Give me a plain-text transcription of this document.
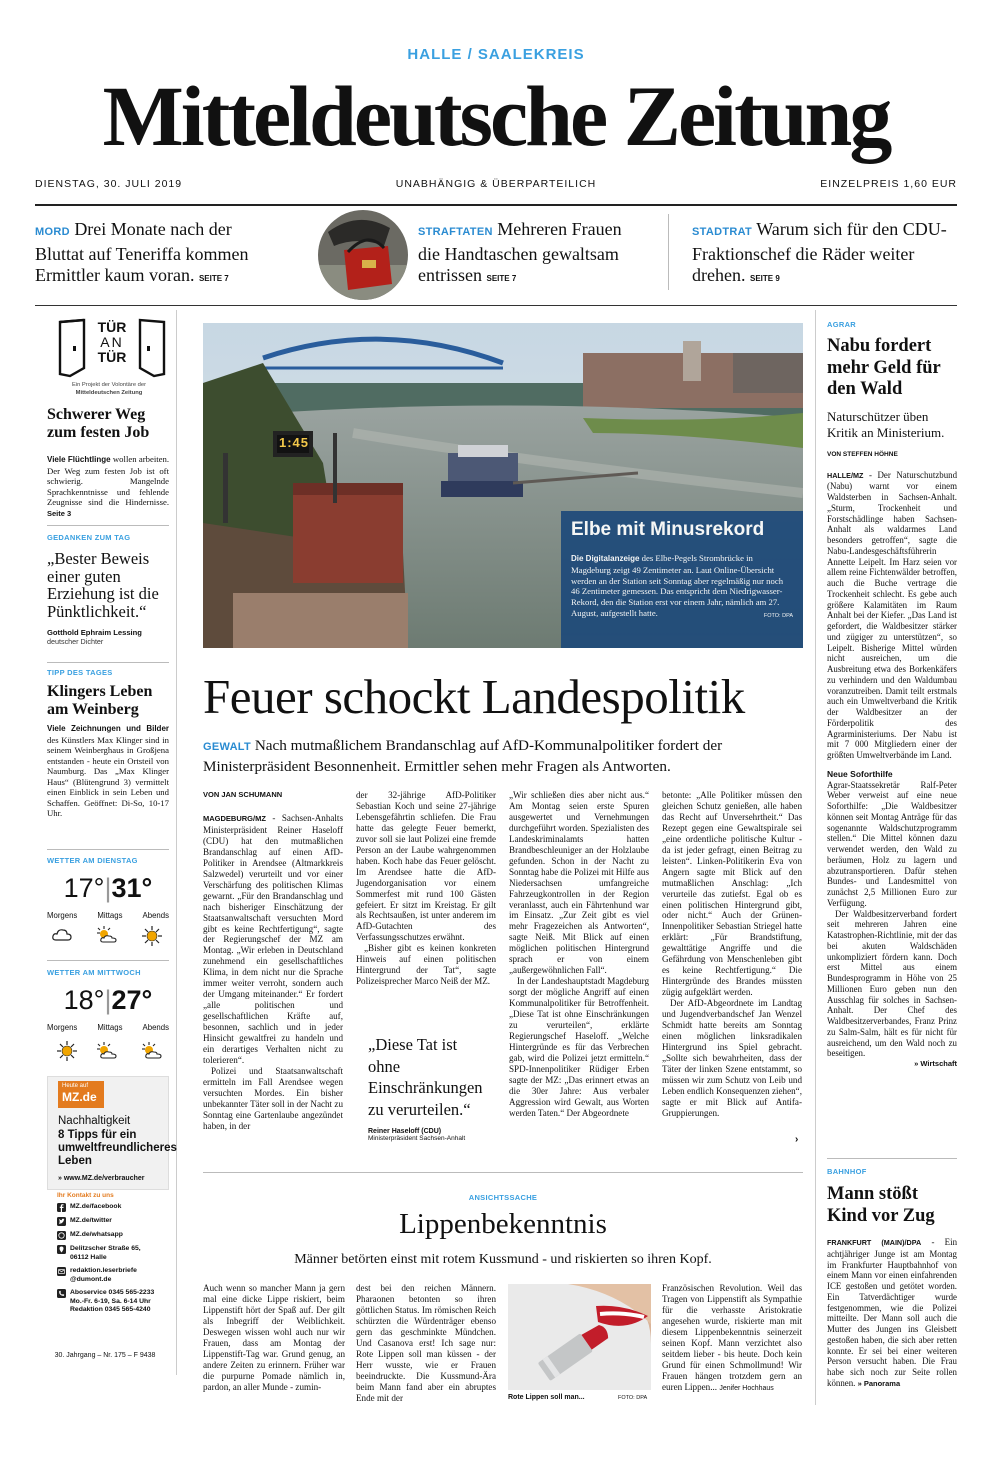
HALLE / SAALEKREIS
Mitteldeutsche Zeitung
DIENSTAG, 30. JULI 2019	UNABHÄNGIG & ÜBERPARTEILICH	EINZELPREIS 1,60 EUR
MORD Drei Monate nach der Bluttat auf Teneriffa kommen Ermittler kaum voran. SEITE 7
STRAFTATEN Mehreren Frauen die Handtaschen gewaltsam entrissen SEITE 7
STADTRAT Warum sich für den CDU-Fraktionschef die Räder weiter drehen. SEITE 9
TÜR
AN
TÜR
Ein Projekt der Volontäre der
Mitteldeutschen Zeitung
Schwerer Weg zum festen Job
Viele Flüchtlinge wollen arbeiten. Der Weg zum festen Job ist oft schwierig. Mangelnde Sprachkenntnisse und fehlende Zeugnisse sind die Hindernisse. Seite 3
GEDANKEN ZUM TAG
„Bester Beweis einer guten Erziehung ist die Pünktlichkeit.“
Gotthold Ephraim Lessing
deutscher Dichter
TIPP DES TAGES
Klingers Leben am Weinberg
Viele Zeichnungen und Bilder des Künstlers Max Klinger sind in seinem Weinberghaus in Großjena entstanden - heute ein Ortsteil von Naumburg. Das „Max Klinger Haus“ (Blütengrund 3) vermittelt einen Einblick in sein Leben und Schaffen. Geöffnet: Di-So, 10-17 Uhr.
WETTER AM DIENSTAG
17°|31°
Morgens	Mittags	Abends
WETTER AM MITTWOCH
18°|27°
Morgens	Mittags	Abends
Heute auf
MZ.de
Nachhaltigkeit
8 Tipps für ein umweltfreundlicheres Leben
» www.MZ.de/verbraucher
Ihr Kontakt zu uns
MZ.de/facebook
MZ.de/twitter
MZ.de/whatsapp
Delitzscher Straße 65, 06112 Halle
redaktion.leserbriefe @dumont.de
Aboservice 0345 565-2233 Mo.-Fr. 6-19, Sa. 6-14 Uhr Redaktion 0345 565-4240
30. Jahrgang – Nr. 175 – F 9438
1:45
Elbe mit Minusrekord
Die Digitalanzeige des Elbe-Pegels Strombrücke in Magdeburg zeigt 49 Zentimeter an. Laut Online-Übersicht werden an der Station seit Sonntag aber regelmäßig nur noch 46 Zentimeter gemessen. Das entspricht dem Niedrigwasser-Rekord, den die Station erst vor einem Jahr, nämlich am 27. August, aufgestellt hatte.	FOTO: DPA
Feuer schockt Landespolitik
GEWALT Nach mutmaßlichem Brandanschlag auf AfD-Kommunalpolitiker fordert der Ministerpräsident Besonnenheit. Ermittler sehen mehr Fragen als Antworten.
VON JAN SCHUMANN
MAGDEBURG/MZ - Sachsen-Anhalts Ministerpräsident Reiner Haseloff (CDU) hat den mutmaßlichen Brandanschlag auf einen AfD-Politiker in Arendsee (Altmarkkreis Salzwedel) verurteilt und vor einer Verschärfung des politischen Klimas gewarnt. „Für den Brandanschlag und nach bisheriger Einschätzung der Staatsanwaltschaft versuchten Mord gibt es keine Rechtfertigung“, sagte der Regierungschef der MZ am Montag. „Wir erleben in Deutschland zunehmend ein gesellschaftliches Klima, in dem nicht nur die Sprache immer weiter verroht, sondern auch der Umgang miteinander.“ Er fordert „alle politischen und gesellschaftlichen Kräfte auf, besonnen, sachlich und in jeder Hinsicht gewaltfrei zu handeln und ein derartiges Verhalten nicht zu tolerieren“.

Polizei und Staatsanwaltschaft ermitteln im Fall Arendsee wegen versuchten Mordes. Ein bisher unbekannter Täter soll in der Nacht zu Sonntag eine Gartenlaube angezündet haben, in der

der 32-jährige AfD-Politiker Sebastian Koch und seine 27-jährige Lebensgefährtin schliefen. Die Frau hatte das gelegte Feuer bemerkt, zuvor soll sie laut Polizei eine fremde Person an der Laube wahrgenommen haben. Koch habe das Feuer gelöscht. Im Arendsee hatte die AfD-Jugendorganisation vor einem Sommerfest mit rund 100 Gästen gefeiert. Er sitzt im Kreistag. Er gilt als Rechtsaußen, ist unter anderem im AfD-Gutachten des Verfassungsschutzes erwähnt.

„Bisher gibt es keinen konkreten Hinweis auf einen politischen Hintergrund der Tat“, sagte Polizeisprecher Marco Neiß der MZ.

„Diese Tat ist ohne Einschränkungen zu verurteilen.“
Reiner Haseloff (CDU)
Ministerpräsident Sachsen-Anhalt
„Wir schließen dies aber nicht aus.“ Am Montag seien erste Spuren ausgewertet und Vernehmungen durchgeführt worden. Spezialisten des Landeskriminalamts hatten Brandbeschleuniger an der Holzlaube gefunden. Schon in der Nacht zu Sonntag habe die Polizei mit Hilfe aus Niedersachsen umfangreiche Fahrzeugkontrollen in der Region veranlasst, auch ein Fährtenhund war im Einsatz. „Zur Zeit gibt es viel mehr Fragezeichen als Antworten“, sagte Neiß. Mit Blick auf einen möglichen politischen Hintergrund sprach er von einem „außergewöhnlichen Fall“.

In der Landeshauptstadt Magdeburg sorgt der mögliche Angriff auf einen Kommunalpolitiker für Betroffenheit. „Diese Tat ist ohne Einschränkungen zu verurteilen“, erklärte Regierungschef Haseloff. „Welche Hintergründe es für das Verbrechen gab, wird die Polizei jetzt ermitteln.“ SPD-Innenpolitiker Rüdiger Erben sagte der MZ: „Das erinnert etwas an die 30er Jahre: Aus verbaler Aggression wird Gewalt, aus Worten werden Taten.“ Der Abgeordnete

betonte: „Alle Politiker müssen den gleichen Schutz genießen, alle haben das Recht auf Unversehrtheit.“ Das Rezept gegen eine Gewaltspirale sei „eine ordentliche politische Kultur - da ist jeder gefragt, einen Beitrag zu leisten“. Linken-Politikerin Eva von Angern sagte mit Blick auf den mutmaßlichen Anschlag: „Ich verurteile das zutiefst. Egal ob es einen politischen Hintergrund gibt, oder nicht.“ Auch der Grünen-Innenpolitiker Sebastian Striegel hatte erklärt: „Für Brandstiftung, gewalttätige Angriffe und die Gefährdung von Menschenleben gibt es keine Rechtfertigung.“ Die Hintergründe des Brandes müssten zügig aufgeklärt werden.

Der AfD-Abgeordnete im Landtag und Jugendverbandschef Jan Wenzel Schmidt hatte bereits am Sonntag einen möglichen linksradikalen Hintergrund ins Spiel gebracht. „Sollte sich bewahrheiten, dass der Täter der linken Szene entstammt, so müssen wir zum Schutz von Leib und Leben endlich Konsequenzen ziehen“, sagte er mit Blick auf Antifa-Gruppierungen.

›
ANSICHTSSACHE
Lippenbekenntnis
Männer betörten einst mit rotem Kussmund - und riskierten so ihren Kopf.
Auch wenn so mancher Mann ja gern mal eine dicke Lippe riskiert, beim Lippenstift hört der Spaß auf. Der gilt als Inbegriff der Weiblichkeit. Deswegen wissen wohl auch nur wir Frauen, dass am Montag der Lippenstift-Tag war. Grund genug, an andere Zeiten zu erinnern. Früher war die purpurne Pomade nämlich in, pardon, an aller Munde - zumin-
dest bei den reichen Männern. Pharaonen betonten so ihren göttlichen Status. Im römischen Reich schürzten die Würdenträger ebenso gern das geschminkte Mündchen. Und Casanova erst! Ich sage nur: Rote Lippen soll man küssen - der Herr wusste, wie er Frauen beeindruckte. Die Kussmund-Ära beim Mann fand aber ein abruptes Ende mit der	Rote Lippen soll man...	FOTO: DPA
Französischen Revolution. Weil das Tragen von Lippenstift als Sympathie für die verhasste Aristokratie angesehen wurde, riskierte man mit diesem Lippenbekenntnis seinerzeit seinen Kopf. Mann verzichtet also seitdem lieber - bis heute. Doch kein Grund für einen Schmollmund! Wir Frauen hängen trotzdem gern an euren Lippen... Jenifer Hochhaus
AGRAR
Nabu fordert mehr Geld für den Wald
Naturschützer üben Kritik an Ministerium.
VON STEFFEN HÖHNE
HALLE/MZ - Der Naturschutzbund (Nabu) warnt vor einem Waldsterben in Sachsen-Anhalt. „Sturm, Trockenheit und Forstschädlinge haben Sachsen-Anhalt als waldarmes Land besonders getroffen“, sagte die Nabu-Landesgeschäftsführerin Annette Leipelt. Im Harz seien vor allem reine Fichtenwälder betroffen, auch die Buche vertrage die Trockenheit schlecht. Es gebe auch größere Kalamitäten im Raum Anhalt bei der Kiefer. „Das Land ist gefordert, die Waldbesitzer stärker und zügiger zu unterstützen“, so Leipelt. Bisherige Mittel würden nicht ausreichen, um die Ausbreitung etwa des Borkenkäfers zu verhindern und den Waldumbau voranzutreiben. Damit teilt erstmals auch ein Umweltverband die Kritik der Waldbesitzer an der Förderpolitik des Agrarministeriums. Der Nabu ist mit 7 000 Mitgliedern einer der größten Umweltverbände im Land.
Neue Soforthilfe
Agrar-Staatssekretär Ralf-Peter Weber verweist auf eine neue Soforthilfe: „Die Waldbesitzer können seit Montag Anträge für das sogenannte Waldschutzprogramm stellen.“ Die Mittel können dazu verwendet werden, den Wald zu beräumen, Holz zu lagern und abzutransportieren. Dafür stehen Bundes- und Landesmittel von zunächst 2,5 Millionen Euro zur Verfügung.

Der Waldbesitzerverband fordert seit mehreren Jahren eine Katastrophen-Richtlinie, mit der das bei akuten Waldschäden unkompliziert fördern kann. Doch erst Mittel aus einem Bundesprogramm in Höhe von 25 Millionen Euro geben nun den Ausschlag für solches in Sachsen-Anhalt. Der Chef des Waldbesitzerverbandes, Franz Prinz zu Salm-Salm, hält es für nicht für ausreichend, um den Wald noch zu beseitigen.

» Wirtschaft
BAHNHOF
Mann stößt Kind vor Zug
FRANKFURT (MAIN)/DPA - Ein achtjähriger Junge ist am Montag im Frankfurter Hauptbahnhof von einem Mann vor einen einfahrenden ICE gestoßen und getötet worden. Ein Tatverdächtiger wurde festgenommen, wie die Polizei mitteilte. Der Mann soll auch die Mutter des Jungen ins Gleisbett gestoßen haben, die sich aber retten konnte. Er sei bei einer weiteren Person versucht haben. Die Frau habe sich noch zur Seite rollen können. » Panorama
